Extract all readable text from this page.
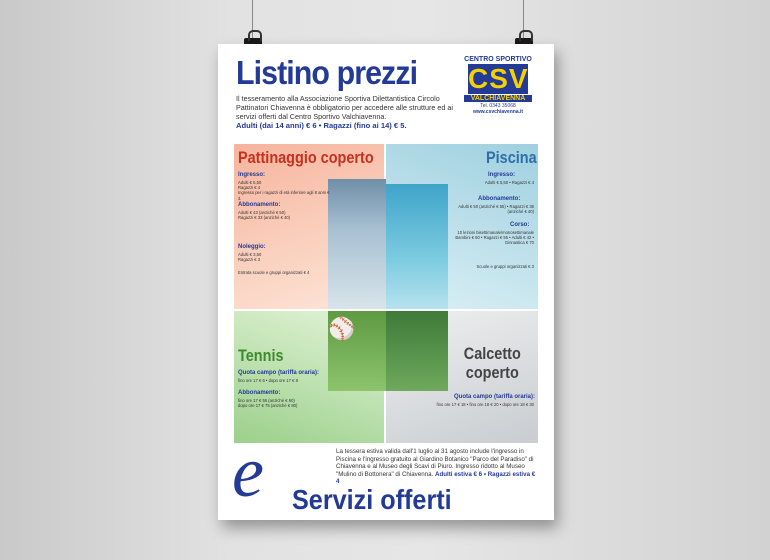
Listino prezzi	CENTRO SPORTIVO
CSV
VALCHIAVENNA
Tel. 0343 35068
www.csvchiavenna.it
Il tesseramento alla Associazione Sportiva Dilettantistica Circolo Pattinatori Chiavenna è obbligatorio per accedere alle strutture ed ai servizi offerti dal Centro Sportivo Valchiavenna.
Adulti (dai 14 anni) € 6 • Ragazzi (fino ai 14) € 5.
Pattinaggio coperto
Ingresso:
Adulti € 5,50
Ragazzi € 4
Ingresso per i ragazzi di età inferiore agli 8 anni € 3.
Abbonamento:
Adulti € 43 (anziché € 50)
Ragazzi € 33 (anziché € 40)
Noleggio:
Adulti € 3,50
Ragazzi € 3
Entrata scuole e gruppi organizzati € 4
Piscina
Ingresso:
Adulti € 5,50 • Ragazzi € 4
Abbonamento:
Adulti € 50 (anziché € 55) • Ragazzi € 36 (anziché € 40)
Corso:
10 lezioni bisettimanale/monosettimanale
Bambini € 60 • Ragazzi € 55 • Adulti € 42 • Ginnastica € 70
Scuole e gruppi organizzati € 3
⚾
Tennis
Quota campo (tariffa oraria):
fino ore 17 € 6 • dopo ore 17 € 8
Abbonamento:
fino ore 17 € 55 (anziché € 60)
dopo ore 17 € 75 (anziché € 80)
Calcetto coperto
Quota campo (tariffa oraria):
fino ore 17 € 18 • fino ore 18 € 20 • dopo ore 18 € 30
e	La tessera estiva valida dall'1 luglio al 31 agosto include l'ingresso in Piscina e l'ingresso gratuito al Giardino Botanico "Parco del Paradiso" di Chiavenna e al Museo degli Scavi di Piuro. Ingresso ridotto al Museo "Mulino di Bottonera" di Chiavenna. Adulti estiva € 6 • Ragazzi estiva € 4
Servizi offerti
